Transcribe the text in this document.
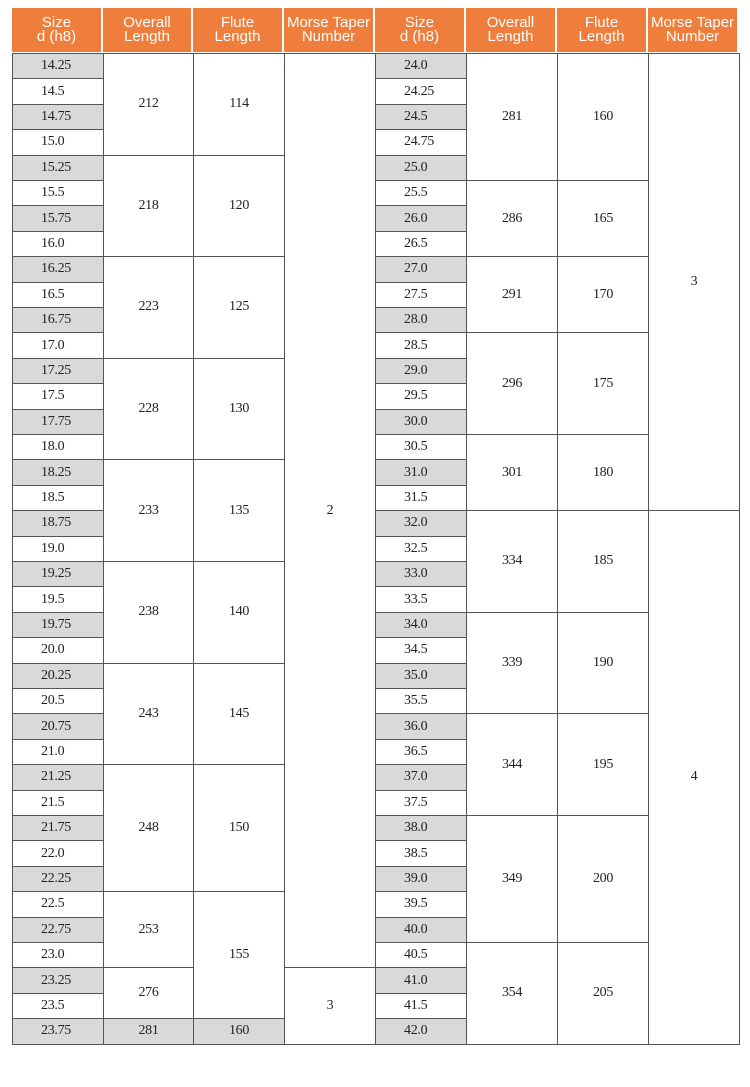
Size
d (h8)
Overall
Length
Flute
Length
Morse Taper
Number
Size
d (h8)
Overall
Length
Flute
Length
Morse Taper
Number
14.25
14.5
14.75
15.0
15.25
15.5
15.75
16.0
16.25
16.5
16.75
17.0
17.25
17.5
17.75
18.0
18.25
18.5
18.75
19.0
19.25
19.5
19.75
20.0
20.25
20.5
20.75
21.0
21.25
21.5
21.75
22.0
22.25
22.5
22.75
23.0
23.25
23.5
23.75
212
218
223
228
233
238
243
248
253
276
281
114
120
125
130
135
140
145
150
155
160
2
3
24.0
24.25
24.5
24.75
25.0
25.5
26.0
26.5
27.0
27.5
28.0
28.5
29.0
29.5
30.0
30.5
31.0
31.5
32.0
32.5
33.0
33.5
34.0
34.5
35.0
35.5
36.0
36.5
37.0
37.5
38.0
38.5
39.0
39.5
40.0
40.5
41.0
41.5
42.0
281
286
291
296
301
334
339
344
349
354
160
165
170
175
180
185
190
195
200
205
3
4
